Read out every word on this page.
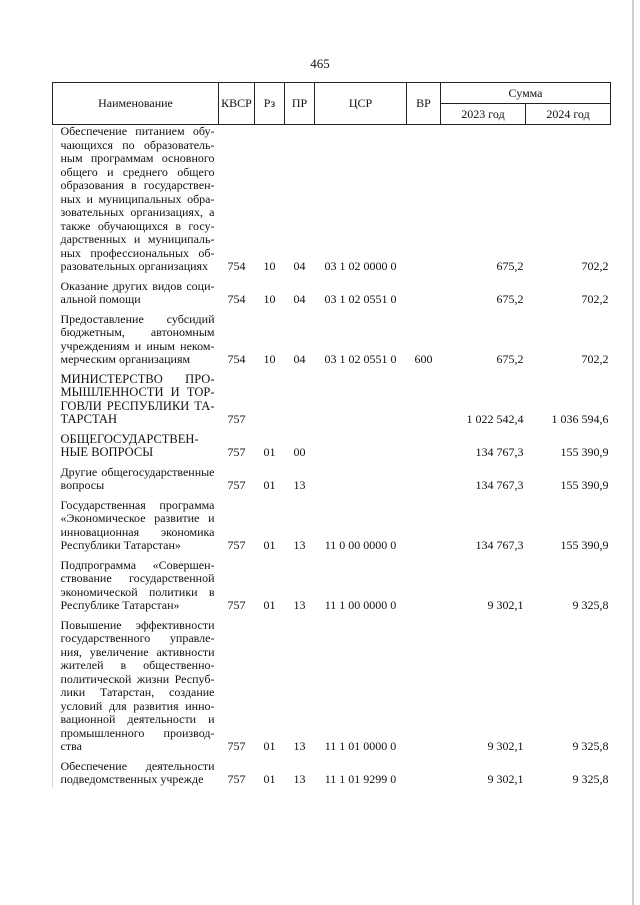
465
Наименование	КВСР	Рз	ПР	ЦСР	ВР	Сумма	
						2023 год	2024 год
Обеспечение питанием обучающихся по образовательным программам основного общего и среднего общего образования в государственных и муниципальных образовательных организациях, а также обучающихся в государственных и муниципальных профессиональных образовательных организациях	754	10	04	03 1 02 0000 0		675,2	702,2
Оказание других видов социальной помощи	754	10	04	03 1 02 0551 0		675,2	702,2
Предоставление субсидий бюджетным, автономным учреждениям и иным некоммерческим организациям	754	10	04	03 1 02 0551 0	600	675,2	702,2
МИНИСТЕРСТВО ПРОМЫШЛЕННОСТИ И ТОРГОВЛИ РЕСПУБЛИКИ ТАТАРСТАН	757					1 022 542,4	1 036 594,6
ОБЩЕГОСУДАРСТВЕННЫЕ ВОПРОСЫ	757	01	00			134 767,3	155 390,9
Другие общегосударственные вопросы	757	01	13			134 767,3	155 390,9
Государственная программа «Экономическое развитие и инновационная экономика Республики Татарстан»	757	01	13	11 0 00 0000 0		134 767,3	155 390,9
Подпрограмма «Совершенствование государственной экономической политики в Республике Татарстан»	757	01	13	11 1 00 0000 0		9 302,1	9 325,8
Повышение эффективности государственного управления, увеличение активности жителей в общественнополитической жизни Республики Татарстан, создание условий для развития инновационной деятельности и промышленного производства	757	01	13	11 1 01 0000 0		9 302,1	9 325,8
Обеспечение деятельности подведомственных учрежде	757	01	13	11 1 01 9299 0		9 302,1	9 325,8
